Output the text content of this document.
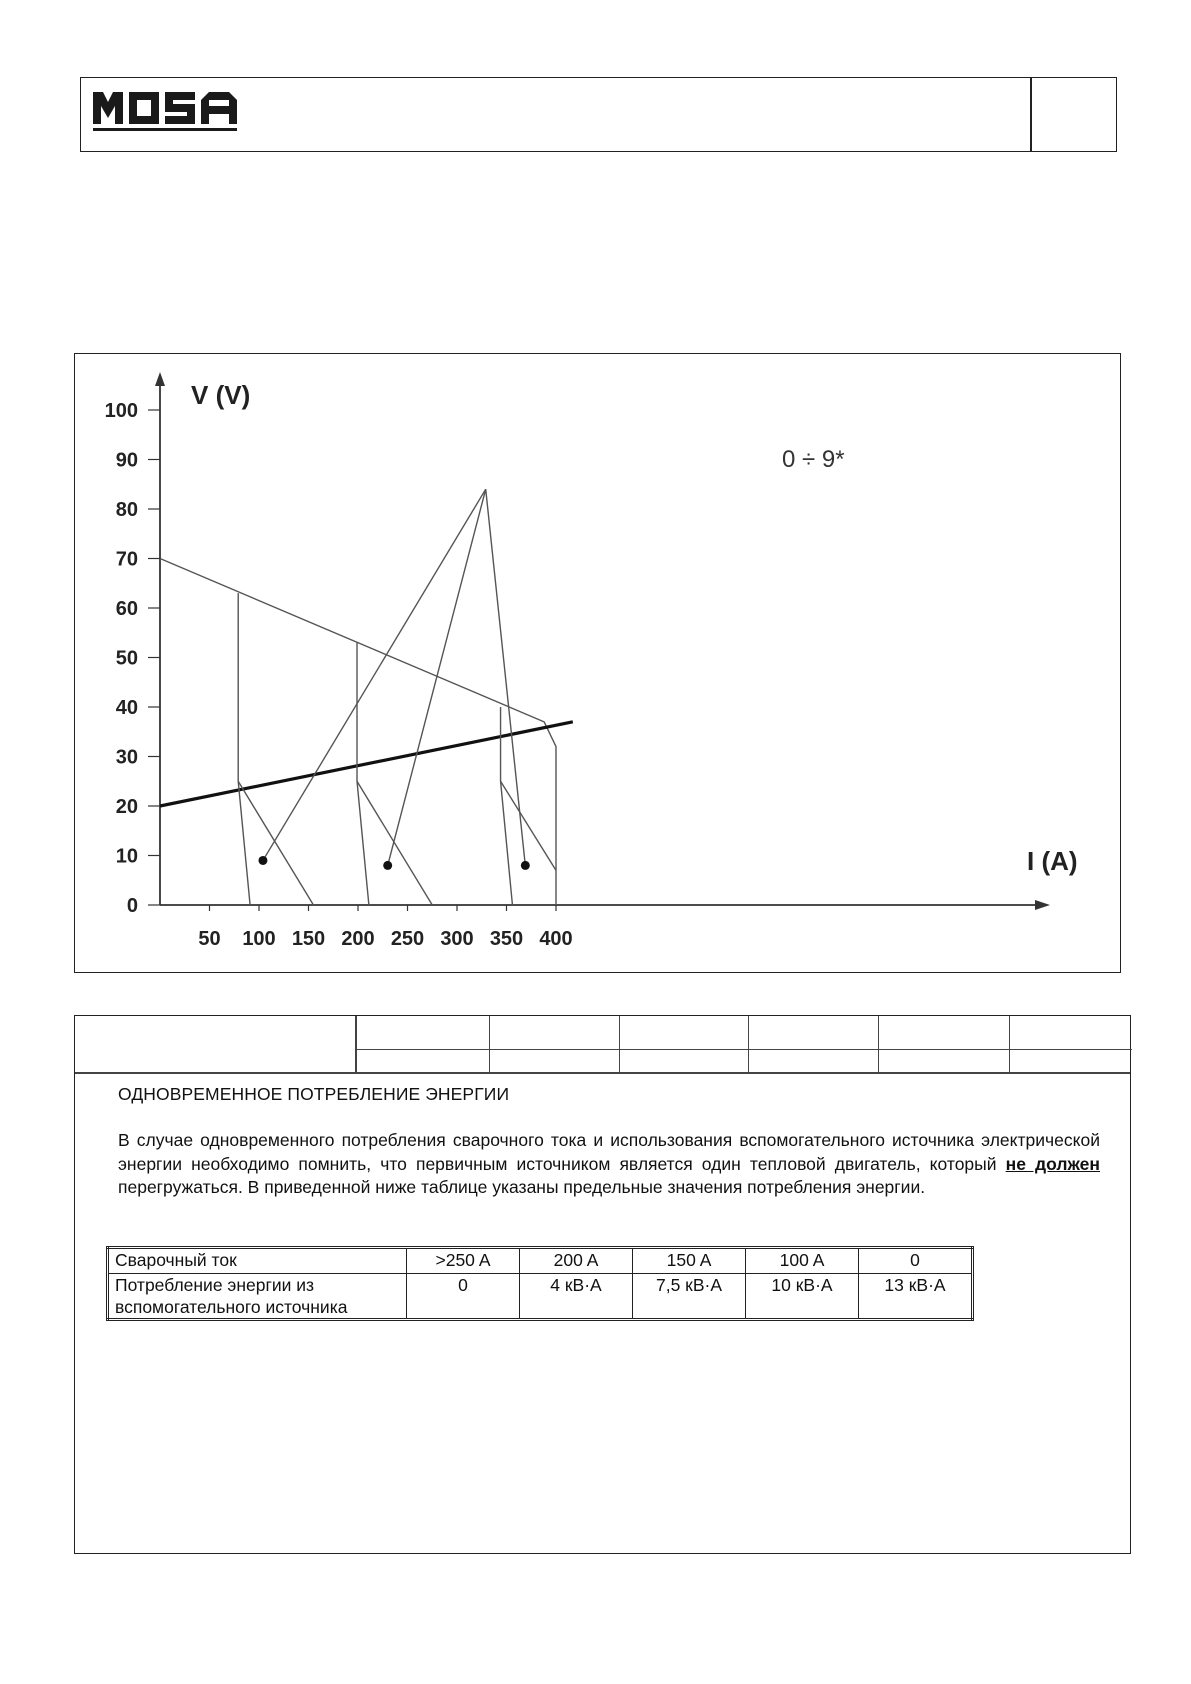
100
90
80
70
60
50
40
30
20
10
0
50 100 150 200 250 300 350 400
V (V)
I (A)
0 ÷ 9*
ОДНОВРЕМЕННОЕ ПОТРЕБЛЕНИЕ ЭНЕРГИИ
В случае одновременного потребления сварочного тока и использования вспомогательного источника электрической энергии необходимо помнить, что первичным источником является один тепловой двигатель, который не должен перегружаться. В приведенной ниже таблице указаны предельные значения потребления энергии.
Сварочный ток	>250 A	200 A	150 A	100 A	0
Потребление энергии из вспомогательного источника	0	4 кВ·А	7,5 кВ·А	10 кВ·А	13 кВ·А
